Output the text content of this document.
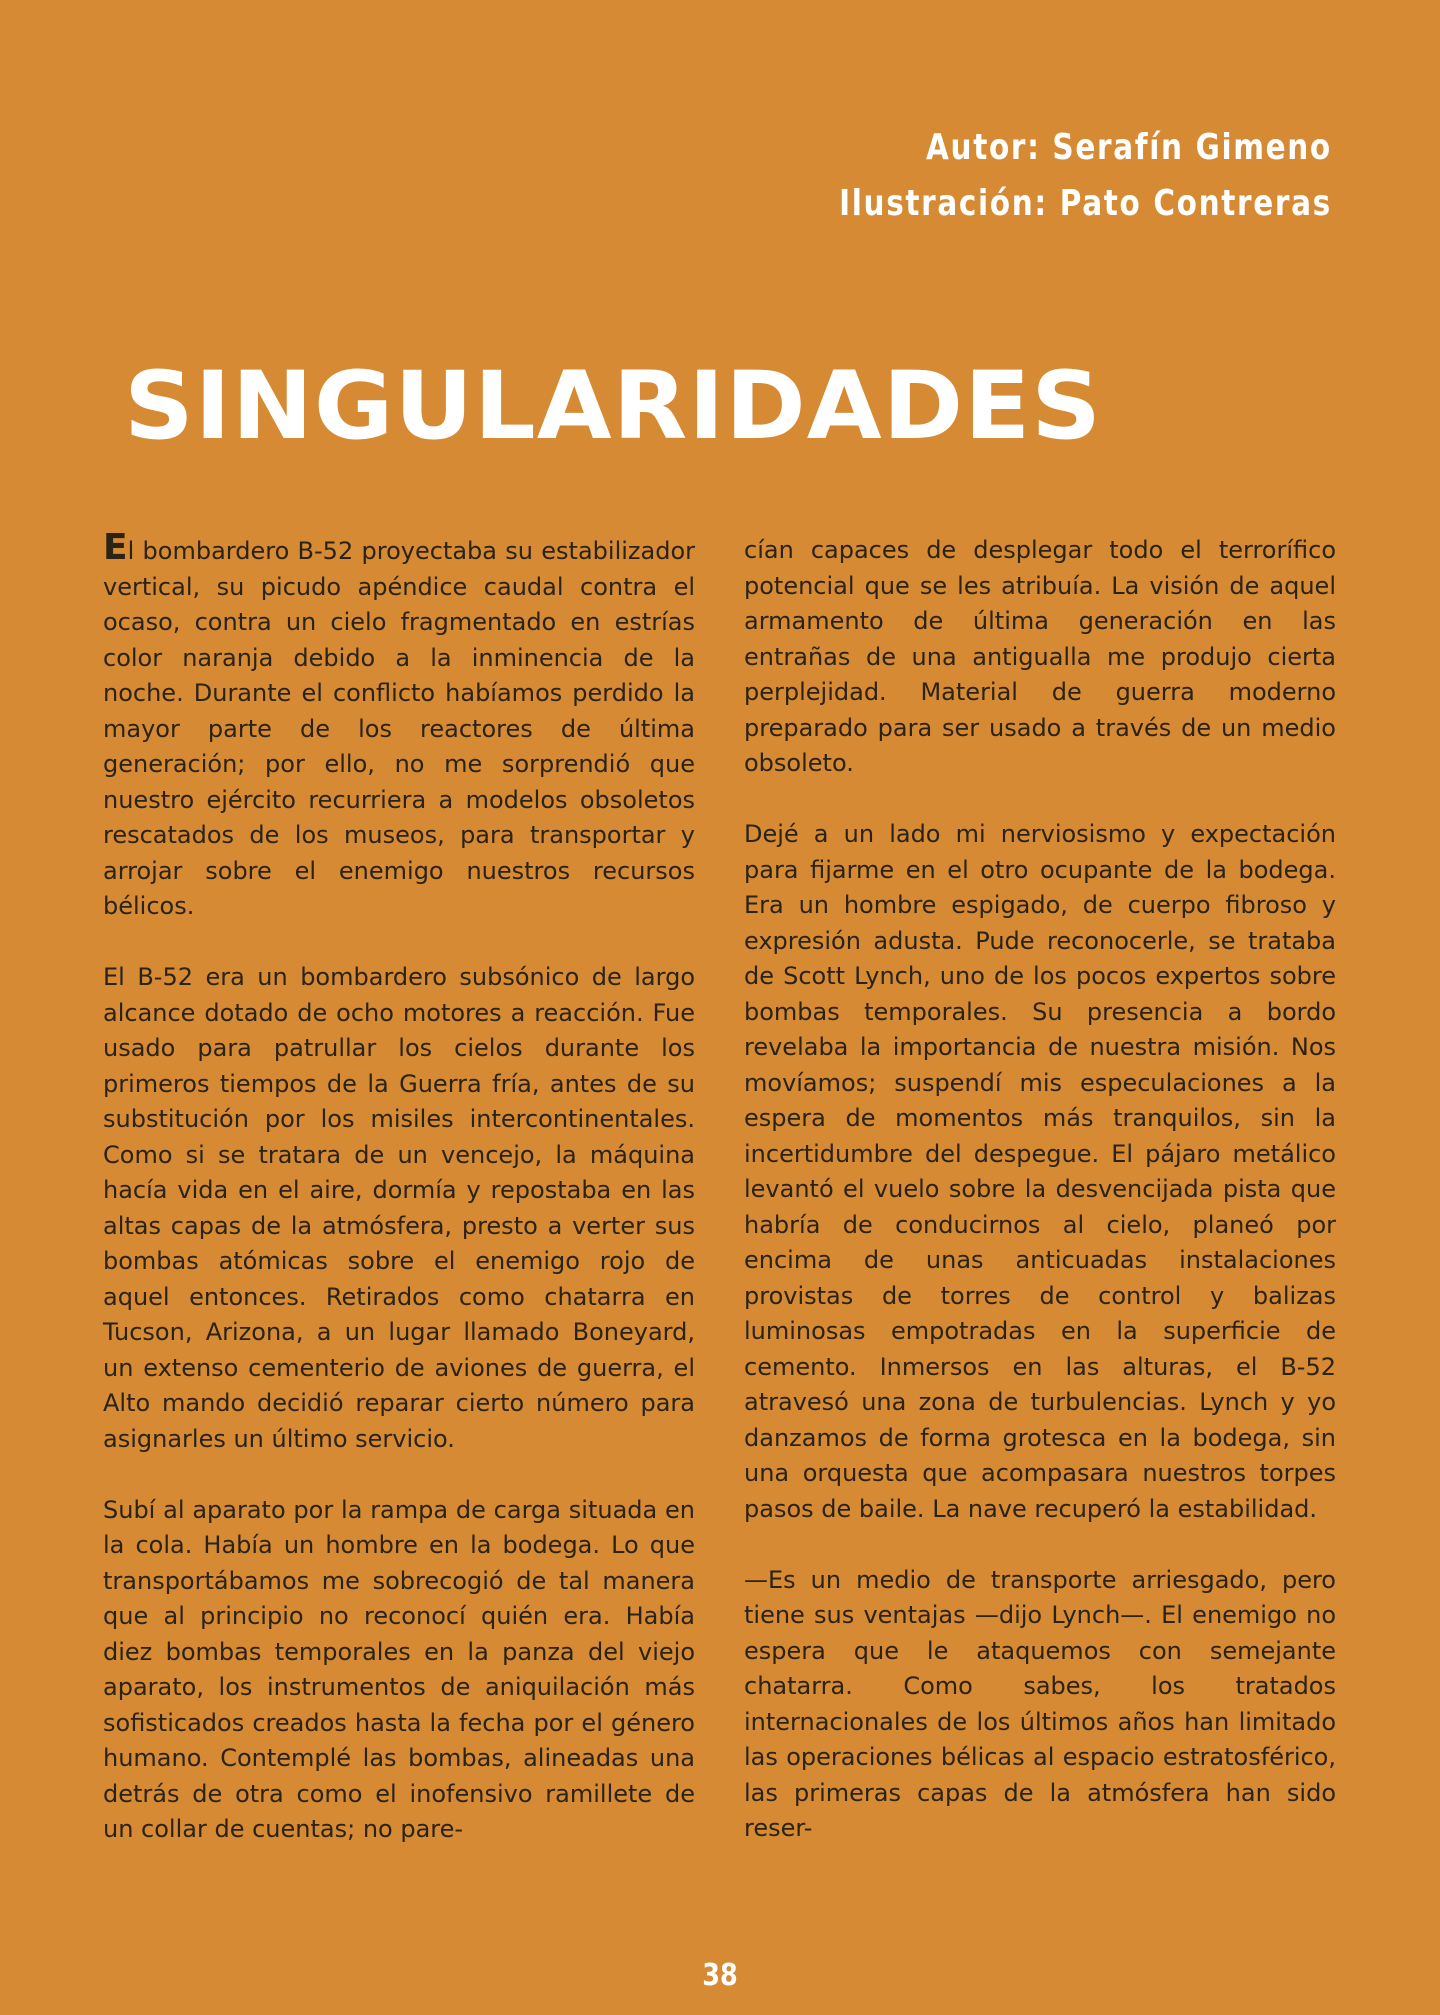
Autor: Serafín Gimeno
Ilustración: Pato Contreras
SINGULARIDADES

El bombardero B-52 proyectaba su estabilizador vertical, su picudo apéndice caudal contra el ocaso, contra un cielo fragmentado en estrías color naranja debido a la inminencia de la noche. Durante el conflicto habíamos perdido la mayor parte de los reactores de última generación; por ello, no me sorprendió que nuestro ejército recurriera a modelos obsoletos rescatados de los museos, para transportar y arrojar sobre el enemigo nuestros recursos bélicos.

El B-52 era un bombardero subsónico de largo alcance dotado de ocho motores a reacción. Fue usado para patrullar los cielos durante los primeros tiempos de la Guerra fría, antes de su substitución por los misiles intercontinentales. Como si se tratara de un vencejo, la máquina hacía vida en el aire, dormía y repostaba en las altas capas de la atmósfera, presto a verter sus bombas atómicas sobre el enemigo rojo de aquel entonces. Retirados como chatarra en Tucson, Arizona, a un lugar llamado Boneyard, un extenso cementerio de aviones de guerra, el Alto mando decidió reparar cierto número para asignarles un último servicio.

Subí al aparato por la rampa de carga situada en la cola. Había un hombre en la bodega. Lo que transportábamos me sobrecogió de tal manera que al principio no reconocí quién era. Había diez bombas temporales en la panza del viejo aparato, los instrumentos de aniquilación más sofisticados creados hasta la fecha por el género humano. Contemplé las bombas, alineadas una detrás de otra como el inofensivo ramillete de un collar de cuentas; no pare-

cían capaces de desplegar todo el terrorífico potencial que se les atribuía. La visión de aquel armamento de última generación en las entrañas de una antigualla me produjo cierta perplejidad. Material de guerra moderno preparado para ser usado a través de un medio obsoleto.

Dejé a un lado mi nerviosismo y expectación para fijarme en el otro ocupante de la bodega. Era un hombre espigado, de cuerpo fibroso y expresión adusta. Pude reconocerle, se trataba de Scott Lynch, uno de los pocos expertos sobre bombas temporales. Su presencia a bordo revelaba la importancia de nuestra misión. Nos movíamos; suspendí mis especulaciones a la espera de momentos más tranquilos, sin la incertidumbre del despegue. El pájaro metálico levantó el vuelo sobre la desvencijada pista que habría de conducirnos al cielo, planeó por encima de unas anticuadas instalaciones provistas de torres de control y balizas luminosas empotradas en la superficie de cemento. Inmersos en las alturas, el B-52 atravesó una zona de turbulencias. Lynch y yo danzamos de forma grotesca en la bodega, sin una orquesta que acompasara nuestros torpes pasos de baile. La nave recuperó la estabilidad.

—Es un medio de transporte arriesgado, pero tiene sus ventajas —dijo Lynch—. El enemigo no espera que le ataquemos con semejante chatarra. Como sabes, los tratados internacionales de los últimos años han limitado las operaciones bélicas al espacio estratosférico, las primeras capas de la atmósfera han sido reser-

38
